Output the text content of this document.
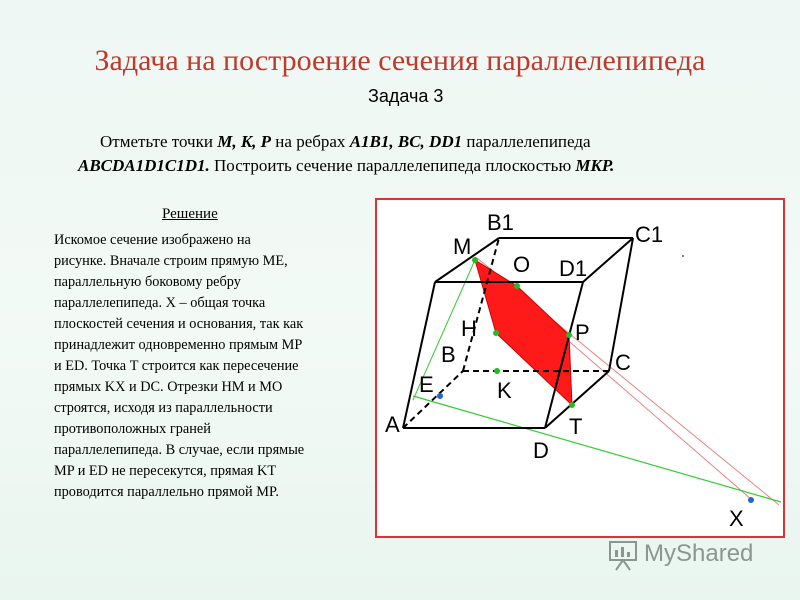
Задача на построение сечения параллелепипеда
Задача 3
Отметьте точки M, K, P на ребрах A1B1, BC, DD1 параллелепипеда
ABCDA1D1C1D1. Построить сечение параллелепипеда плоскостью MKP.
Решение
Искомое сечение изображено на
рисунке. Вначале строим прямую ME,
параллельную боковому ребру
параллелепипеда. X – общая точка
плоскостей сечения и основания, так как
принадлежит одновременно прямым MP
и ED. Точка T строится как пересечение
прямых KX и DC. Отрезки HM и MO
строятся, исходя из параллельности
противоположных граней
параллелепипеда. В случае, если прямые
MP и ED не пересекутся, прямая KT
проводится параллельно прямой MP.
A
B	C
D
B1	C1
D1
M
O
H	P
E	K
T
X
MyShared
